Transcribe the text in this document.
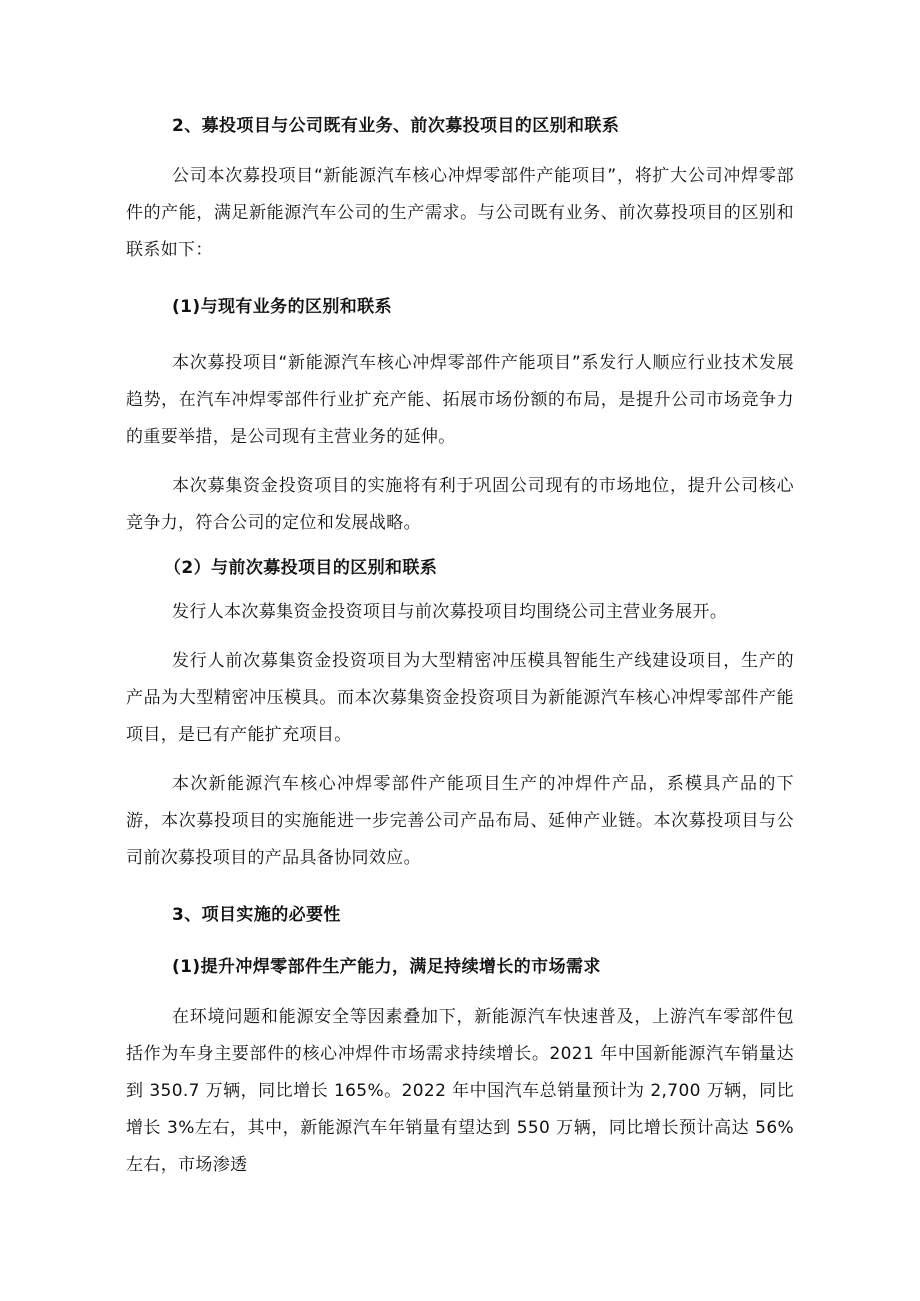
2、募投项目与公司既有业务、前次募投项目的区别和联系

公司本次募投项目“新能源汽车核心冲焊零部件产能项目”，将扩大公司冲焊零部件的产能，满足新能源汽车公司的生产需求。与公司既有业务、前次募投项目的区别和联系如下：

(1)与现有业务的区别和联系

本次募投项目“新能源汽车核心冲焊零部件产能项目”系发行人顺应行业技术发展趋势，在汽车冲焊零部件行业扩充产能、拓展市场份额的布局，是提升公司市场竞争力的重要举措，是公司现有主营业务的延伸。

本次募集资金投资项目的实施将有利于巩固公司现有的市场地位，提升公司核心竞争力，符合公司的定位和发展战略。

（2）与前次募投项目的区别和联系

发行人本次募集资金投资项目与前次募投项目均围绕公司主营业务展开。

发行人前次募集资金投资项目为大型精密冲压模具智能生产线建设项目，生产的产品为大型精密冲压模具。而本次募集资金投资项目为新能源汽车核心冲焊零部件产能项目，是已有产能扩充项目。

本次新能源汽车核心冲焊零部件产能项目生产的冲焊件产品，系模具产品的下游，本次募投项目的实施能进一步完善公司产品布局、延伸产业链。本次募投项目与公司前次募投项目的产品具备协同效应。

3、项目实施的必要性

(1)提升冲焊零部件生产能力，满足持续增长的市场需求

在环境问题和能源安全等因素叠加下，新能源汽车快速普及，上游汽车零部件包括作为车身主要部件的核心冲焊件市场需求持续增长。2021 年中国新能源汽车销量达到 350.7 万辆，同比增长 165%。2022 年中国汽车总销量预计为 2,700 万辆，同比增长 3%左右，其中，新能源汽车年销量有望达到 550 万辆，同比增长预计高达 56%左右，市场渗透
